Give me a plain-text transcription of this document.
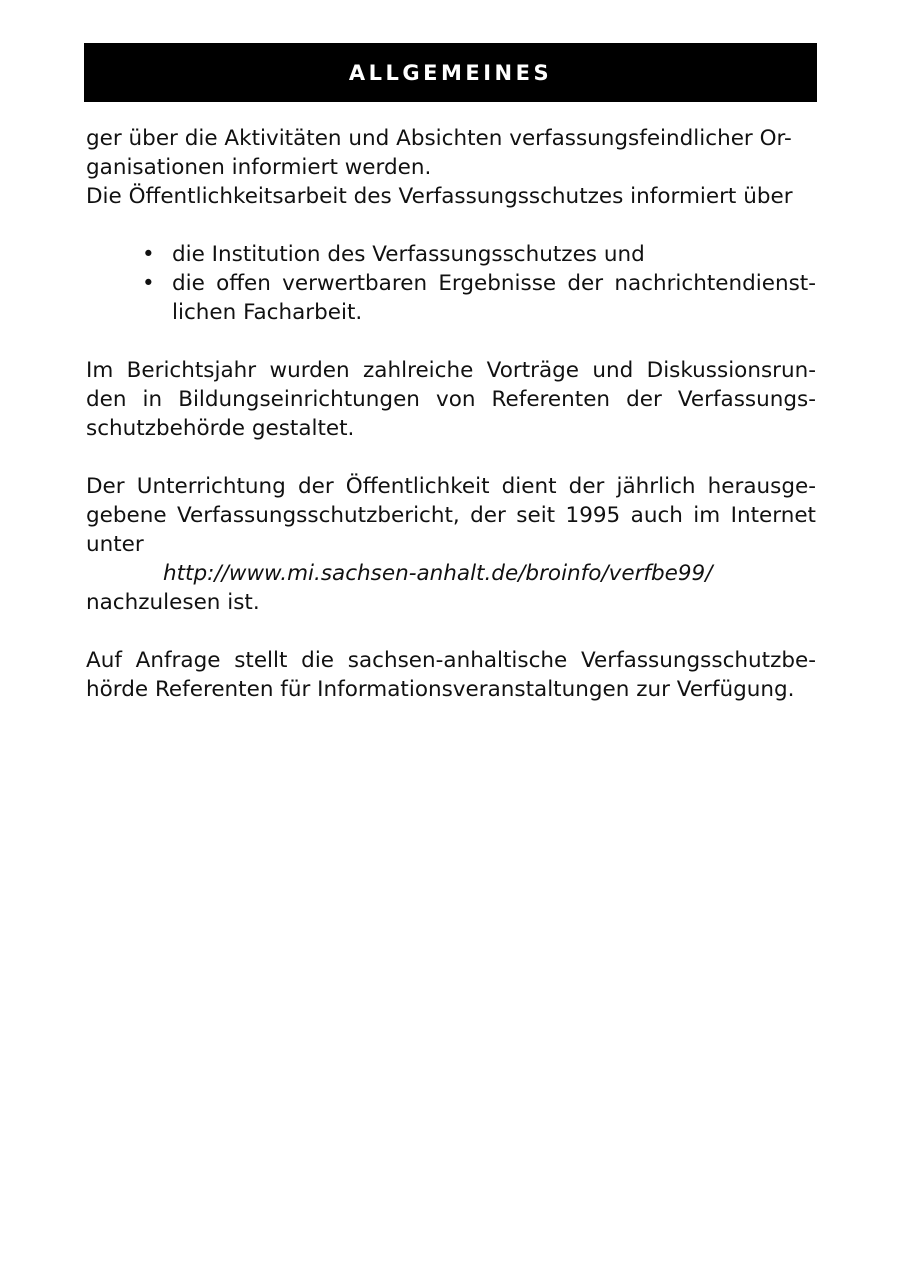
ALLGEMEINES

ger über die Aktivitäten und Absichten verfassungsfeindlicher Or-

ganisationen informiert werden.

Die Öffentlichkeitsarbeit des Verfassungsschutzes informiert über

• die Institution des Verfassungsschutzes und
• die offen verwertbaren Ergebnisse der nachrichtendienst-lichen Facharbeit.

Im Berichtsjahr wurden zahlreiche Vorträge und Diskussionsrun-den in Bildungseinrichtungen von Referenten der Verfassungs-schutzbehörde gestaltet.

Der Unterrichtung der Öffentlichkeit dient der jährlich herausge-gebene Verfassungsschutzbericht, der seit 1995 auch im Internet unter

http://www.mi.sachsen-anhalt.de/broinfo/verfbe99/

nachzulesen ist.

Auf Anfrage stellt die sachsen-anhaltische Verfassungsschutzbe-hörde Referenten für Informationsveranstaltungen zur Verfügung.
